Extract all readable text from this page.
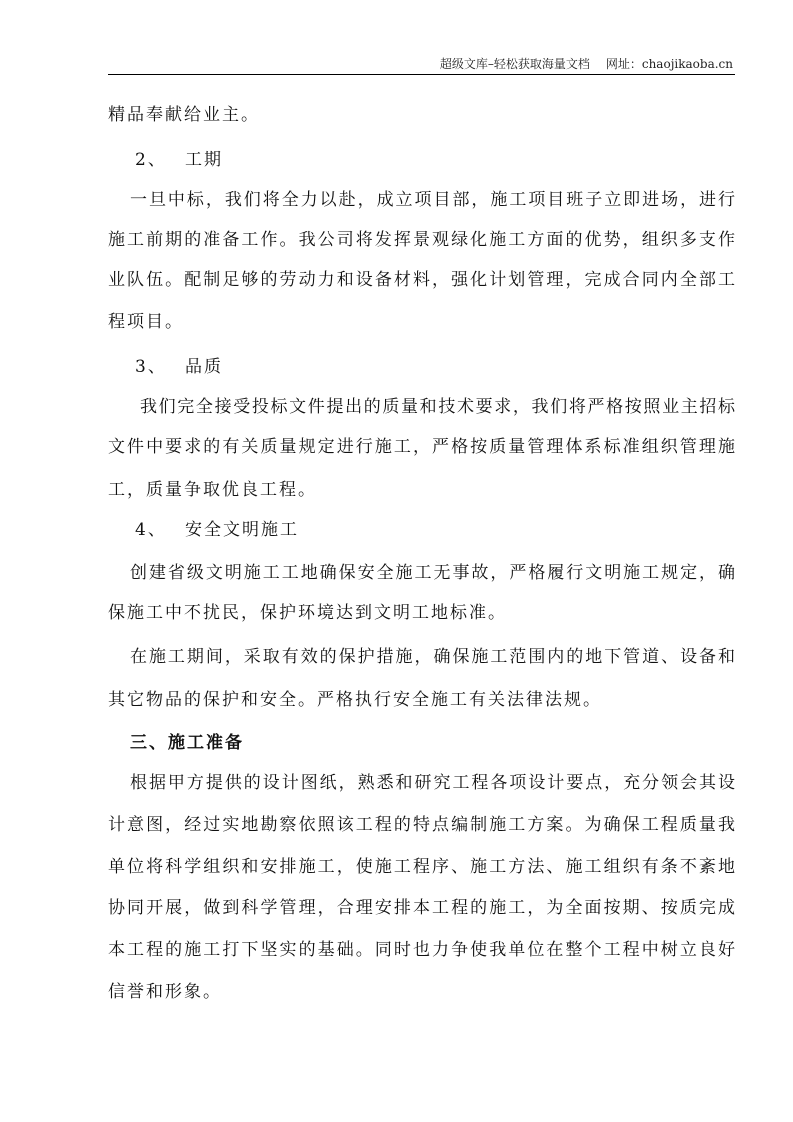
超级文库–轻松获取海量文档 网址：chaojikaoba.cn
精品奉献给业主。
2、 工期
一旦中标，我们将全力以赴，成立项目部，施工项目班子立即进场，进行
施工前期的准备工作。我公司将发挥景观绿化施工方面的优势，组织多支作
业队伍。配制足够的劳动力和设备材料，强化计划管理，完成合同内全部工
程项目。
3、 品质
我们完全接受投标文件提出的质量和技术要求，我们将严格按照业主招标
文件中要求的有关质量规定进行施工，严格按质量管理体系标准组织管理施
工，质量争取优良工程。
4、 安全文明施工
创建省级文明施工工地确保安全施工无事故，严格履行文明施工规定，确
保施工中不扰民，保护环境达到文明工地标准。
在施工期间，采取有效的保护措施，确保施工范围内的地下管道、设备和
其它物品的保护和安全。严格执行安全施工有关法律法规。
三、施工准备
根据甲方提供的设计图纸，熟悉和研究工程各项设计要点，充分领会其设
计意图，经过实地勘察依照该工程的特点编制施工方案。为确保工程质量我
单位将科学组织和安排施工，使施工程序、施工方法、施工组织有条不紊地
协同开展，做到科学管理，合理安排本工程的施工，为全面按期、按质完成
本工程的施工打下坚实的基础。同时也力争使我单位在整个工程中树立良好
信誉和形象。
